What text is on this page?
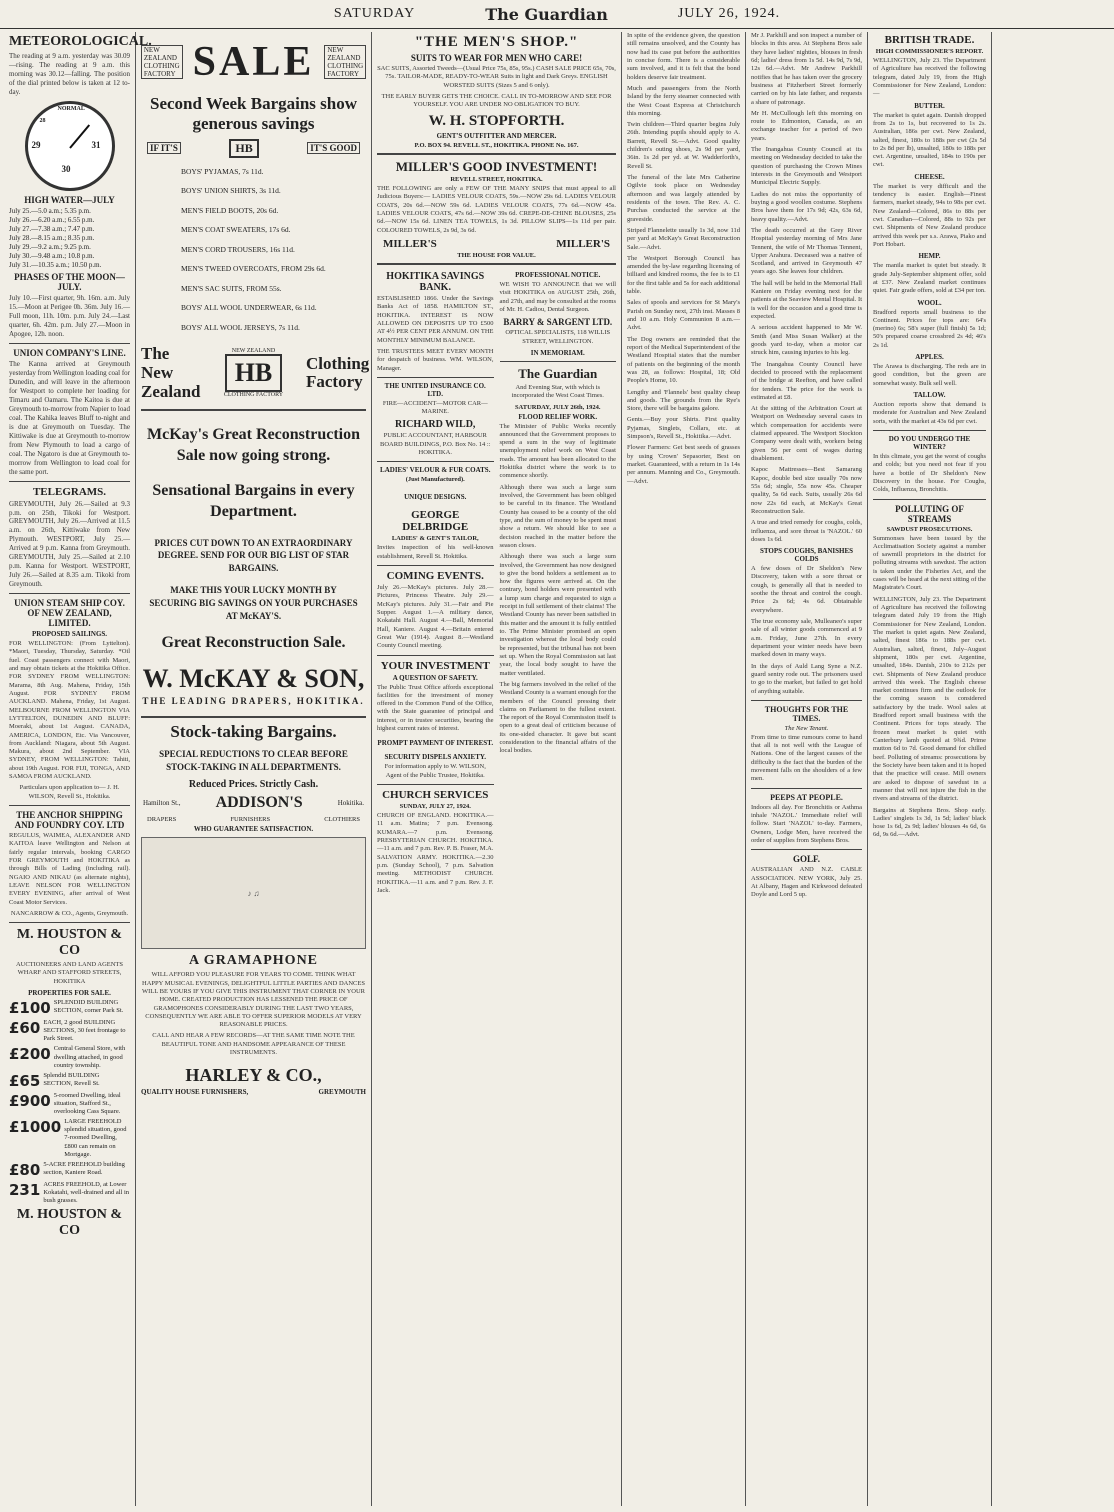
SATURDAY	The Guardian	JULY 26, 1924.
METEOROLOGICAL.
The reading at 9 a.m. yesterday was 30.09—rising. The reading at 9 a.m. this morning was 30.12—falling. The position of the dial printed below is taken at 12 to-day.
NORMAL
29
30
31
28
HIGH WATER—JULY
July 25.—5.0 a.m.; 5.35 p.m.
July 26.—6.20 a.m.; 6.55 p.m.
July 27.—7.38 a.m.; 7.47 p.m.
July 28.—8.15 a.m.; 8.35 p.m.
July 29.—9.2 a.m.; 9.25 p.m.
July 30.—9.48 a.m.; 10.8 p.m.
July 31.—10.35 a.m.; 10.50 p.m.
PHASES OF THE MOON—JULY.
July 10.—First quarter, 9h. 16m. a.m. July 15.—Moon at Perigee 0h. 36m. July 16.—Full moon, 11h. 10m. p.m. July 24.—Last quarter, 6h. 42m. p.m. July 27.—Moon in Apogee, 12h. noon.
UNION COMPANY'S LINE.
The Kanna arrived at Greymouth yesterday from Wellington loading coal for Dunedin, and will leave in the afternoon for Westport to complete her loading for Timaru and Oamaru. The Kaitoa is due at Greymouth to-morrow from Napier to load coal. The Kahika leaves Bluff to-night and is due at Greymouth on Tuesday. The Kittiwake is due at Greymouth to-morrow from New Plymouth to load a cargo of coal. The Ngatoro is due at Greymouth to-morrow from Wellington to load coal for the same port.
TELEGRAMS.
GREYMOUTH, July 26.—Sailed at 9.3 p.m. on 25th, Tikoki for Westport. GREYMOUTH, July 26.—Arrived at 11.5 a.m. on 26th, Kittiwake from New Plymouth. WESTPORT, July 25.—Arrived at 9 p.m. Kanna from Greymouth. GREYMOUTH, July 25.—Sailed at 2.10 p.m. Kanna for Westport. WESTPORT, July 26.—Sailed at 8.35 a.m. Tikoki from Greymouth.
UNION STEAM SHIP COY. OF NEW ZEALAND, LIMITED.
PROPOSED SAILINGS.
FOR WELLINGTON: (From Lyttelton). *Maori, Tuesday, Thursday, Saturday. *Oil fuel. Coast passengers connect with Maori, and may obtain tickets at the Hokitika Office. FOR SYDNEY FROM WELLINGTON: Marama, 8th Aug. Mahena, Friday, 15th August. FOR SYDNEY FROM AUCKLAND. Mahena, Friday, 1st August. MELBOURNE FROM WELLINGTON VIA LYTTELTON, DUNEDIN AND BLUFF: Moeraki, about 1st August. CANADA, AMERICA, LONDON, Etc. Via Vancouver, from Auckland: Niagara, about 5th August. Makura, about 2nd September. VIA SYDNEY, FROM WELLINGTON: Tahiti, about 19th August. FOR FIJI, TONGA, AND SAMOA FROM AUCKLAND.
Particulars upon application to— J. H. WILSON, Revell St., Hokitika.
THE ANCHOR SHIPPING AND FOUNDRY COY. LTD
REGULUS, WAIMEA, ALEXANDER AND KAITOA leave Wellington and Nelson at fairly regular intervals, booking CARGO FOR GREYMOUTH and HOKITIKA as through Bills of Lading (including rail). NGAIO AND NIKAU (as alternate nights), LEAVE NELSON FOR WELLINGTON EVERY EVENING, after arrival of West Coast Motor Services.
NANCARROW & CO., Agents, Greymouth.
M. HOUSTON & CO
AUCTIONEERS AND LAND AGENTS WHARF AND STAFFORD STREETS, HOKITIKA
PROPERTIES FOR SALE.
£100 SPLENDID BUILDING SECTION, corner Park St.
£60 EACH, 2 good BUILDING SECTIONS, 30 feet frontage to Park Street.
£200 Central General Store, with dwelling attached, in good country township.
£65 Splendid BUILDING SECTION, Revell St.
£900 5-roomed Dwelling, ideal situation, Stafford St., overlooking Cass Square.
£1000 LARGE FREEHOLD splendid situation, good 7-roomed Dwelling, £800 can remain on Mortgage.
£80 5-ACRE FREEHOLD building section, Kaniere Road.
231 ACRES FREEHOLD, at Lower Kokatahi, well-drained and all in bush grasses.
M. HOUSTON & CO
NEW ZEALAND CLOTHING FACTORY SALE	NEW ZEALAND CLOTHING FACTORY
Second Week Bargains show generous savings
IF IT'S	HB	IT'S GOOD
BOYS' PYJAMAS, 7s 11d.
BOYS' UNION SHIRTS, 3s 11d.
MEN'S FIELD BOOTS, 20s 6d.
MEN'S COAT SWEATERS, 17s 6d.
MEN'S CORD TROUSERS, 16s 11d.
MEN'S TWEED OVERCOATS, FROM 29s 6d.
MEN'S SAC SUITS, FROM 55s.
BOYS' ALL WOOL UNDERWEAR, 6s 11d.
BOYS' ALL WOOL JERSEYS, 7s 11d.
The New Zealand
NEW ZEALAND
HB
CLOTHING FACTORY
Clothing Factory
McKay's Great Reconstruction Sale now going strong.
Sensational Bargains in every Department.
PRICES CUT DOWN TO AN EXTRAORDINARY DEGREE. SEND FOR OUR BIG LIST OF STAR BARGAINS.
MAKE THIS YOUR LUCKY MONTH BY SECURING BIG SAVINGS ON YOUR PURCHASES AT McKAY'S.
Great Reconstruction Sale.
W. McKAY & SON,
THE LEADING DRAPERS, HOKITIKA.
Stock-taking Bargains.
SPECIAL REDUCTIONS TO CLEAR BEFORE STOCK-TAKING IN ALL DEPARTMENTS.
Reduced Prices. Strictly Cash.
Hamilton St., ADDISON'S	Hokitika.
DRAPERS	FURNISHERS	CLOTHIERS
WHO GUARANTEE SATISFACTION.
♪ ♫
A GRAMAPHONE
WILL AFFORD YOU PLEASURE FOR YEARS TO COME. THINK WHAT HAPPY MUSICAL EVENINGS, DELIGHTFUL LITTLE PARTIES AND DANCES WILL BE YOURS IF YOU GIVE THIS INSTRUMENT THAT CORNER IN YOUR HOME. CREATED PRODUCTION HAS LESSENED THE PRICE OF GRAMOPHONES CONSIDERABLY DURING THE LAST TWO YEARS, CONSEQUENTLY WE ARE ABLE TO OFFER SUPERIOR MODELS AT VERY REASONABLE PRICES.
CALL AND HEAR A FEW RECORDS—AT THE SAME TIME NOTE THE BEAUTIFUL TONE AND HANDSOME APPEARANCE OF THESE INSTRUMENTS.
HARLEY & CO.,
QUALITY HOUSE FURNISHERS,	GREYMOUTH
"THE MEN'S SHOP."
SUITS TO WEAR FOR MEN WHO CARE!
SAC SUITS, Assorted Tweeds—(Usual Price 75s, 85s, 95s.) CASH SALE PRICE 65s, 70s, 75s. TAILOR-MADE, READY-TO-WEAR Suits in light and Dark Greys. ENGLISH WORSTED SUITS (Sizes 5 and 6 only).
THE EARLY BUYER GETS THE CHOICE. CALL IN TO-MORROW AND SEE FOR YOURSELF. YOU ARE UNDER NO OBLIGATION TO BUY.
W. H. STOPFORTH.
GENT'S OUTFITTER AND MERCER.
P.O. BOX 94. REVELL ST., HOKITIKA. PHONE No. 167.
MILLER'S GOOD INVESTMENT!
REVELL STREET, HOKITIKA.
THE FOLLOWING are only a FEW OF THE MANY SNIPS that must appeal to all Judicious Buyers:— LADIES VELOUR COATS, 59s.—NOW 29s 6d. LADIES VELOUR COATS, 20s 6d.—NOW 59s 6d. LADIES VELOUR COATS, 77s 6d.—NOW 45s. LADIES VELOUR COATS, 47s 6d.—NOW 39s 6d. CREPE-DE-CHINE BLOUSES, 25s 6d.—NOW 15s 6d. LINEN TEA TOWELS, 1s 3d. PILLOW SLIPS—1s 11d per pair. COLOURED TOWELS, 2s 9d, 3s 6d.
MILLER'S	MILLER'S
THE HOUSE FOR VALUE.
HOKITIKA SAVINGS BANK.
ESTABLISHED 1866. Under the Savings Banks Act of 1858. HAMILTON ST., HOKITIKA. INTEREST IS NOW ALLOWED ON DEPOSITS UP TO £500 AT 4½ PER CENT PER ANNUM. ON THE MONTHLY MINIMUM BALANCE.
THE TRUSTEES MEET EVERY MONTH for despatch of business. WM. WILSON, Manager.
THE UNITED INSURANCE CO. LTD.
FIRE—ACCIDENT—MOTOR CAR—MARINE.
RICHARD WILD,
PUBLIC ACCOUNTANT, HARBOUR BOARD BUILDINGS, P.O. Box No. 14 :: HOKITIKA.
LADIES' VELOUR & FUR COATS.
(Just Manufactured).
UNIQUE DESIGNS.
GEORGE DELBRIDGE
LADIES' & GENT'S TAILOR,
Invites inspection of his well-known establishment, Revell St. Hokitika.
COMING EVENTS.
July 26.—McKay's pictures. July 28.—Pictures, Princess Theatre. July 29.—McKay's pictures. July 31.—Fair and Pie Supper. August 1.—A military dance, Kokatahi Hall. August 4.—Ball, Memorial Hall, Kaniere. August 4.—Britain entered Great War (1914). August 8.—Westland County Council meeting.
YOUR INVESTMENT
A QUESTION OF SAFETY.
The Public Trust Office affords exceptional facilities for the investment of money offered in the Common Fund of the Office, with the State guarantee of principal and interest, or in trustee securities, bearing the highest current rates of interest.
PROMPT PAYMENT OF INTEREST.
SECURITY DISPELS ANXIETY.
For information apply to W. WILSON, Agent of the Public Trustee, Hokitika.
CHURCH SERVICES
SUNDAY, JULY 27, 1924.
CHURCH OF ENGLAND. HOKITIKA.—11 a.m. Matins; 7 p.m. Evensong. KUMARA.—7 p.m. Evensong. PRESBYTERIAN CHURCH. HOKITIKA.—11 a.m. and 7 p.m. Rev. P. B. Fraser, M.A. SALVATION ARMY. HOKITIKA.—2.30 p.m. (Sunday School), 7 p.m. Salvation meeting. METHODIST CHURCH. HOKITIKA.—11 a.m. and 7 p.m. Rev. J. F. Jack.
PROFESSIONAL NOTICE.
WE WISH TO ANNOUNCE that we will visit HOKITIKA on AUGUST 25th, 26th, and 27th, and may be consulted at the rooms of Mr. H. Cadiou, Dental Surgeon.
BARRY & SARGENT LTD.
OPTICAL SPECIALISTS, 118 WILLIS STREET, WELLINGTON.
IN MEMORIAM.
The Guardian
And Evening Star, with which is incorporated the West Coast Times.
SATURDAY, JULY 26th, 1924.
FLOOD RELIEF WORK.
The Minister of Public Works recently announced that the Government proposes to spend a sum in the way of legitimate unemployment relief work on West Coast roads. The amount has been allocated to the Hokitika district where the work is to commence shortly.
Although there was such a large sum involved, the Government has been obliged to be careful in its finance. The Westland County has ceased to be a county of the old type, and the sum of money to be spent must show a return. We should like to see a decision reached in the matter before the season closes.
Although there was such a large sum involved, the Government has now designed to give the bond holders a settlement as to how the figures were arrived at. On the contrary, bond holders were presented with a lump sum charge and requested to sign a receipt in full settlement of their claims! The Westland County has never been satisfied in this matter and the amount it is fully entitled to. The Prime Minister promised an open investigation whereat the local body could be represented, but the tribunal has not been set up. When the Royal Commission sat last year, the local body sought to have the matter ventilated.
The big farmers involved in the relief of the Westland County is a warrant enough for the members of the Council pressing their claims on Parliament to the fullest extent. The report of the Royal Commission itself is open to a great deal of criticism because of its one-sided character. It gave but scant consideration to the financial affairs of the local bodies.
In spite of the evidence given, the question still remains unsolved, and the County has now had its case put before the authorities in concise form. There is a considerable sum involved, and it is felt that the bond holders deserve fair treatment.
Much and passengers from the North Island by the ferry steamer connected with the West Coast Express at Christchurch this morning.
Twin children—Third quarter begins July 26th. Intending pupils should apply to A. Barrett, Revell St.—Advt. Good quality children's outing shoes, 2s 9d per yard, 36in. 1s 2d per yd. at W. Wadderforth's, Revell St.
The funeral of the late Mrs Catherine Ogilvie took place on Wednesday afternoon and was largely attended by residents of the town. The Rev. A. C. Purchas conducted the service at the graveside.
Striped Flannelette usually 1s 3d, now 11d per yard at McKay's Great Reconstruction Sale.—Advt.
The Westport Borough Council has amended the by-law regarding licensing of billiard and kindred rooms, the fee is to £1 for the first table and 5s for each additional table.
Sales of spools and services for St Mary's Parish on Sunday next, 27th inst. Masses 8 and 10 a.m. Holy Communion 8 a.m.—Advt.
The Dog owners are reminded that the report of the Medical Superintendent of the Westland Hospital states that the number of patients on the beginning of the month was 28, as follows: Hospital, 18; Old People's Home, 10.
Lengthy and 'Flannels' best quality cheap and goods. The grounds from the Rye's Store, there will be bargains galore.
Gents.—Buy your Shirts. First quality Pyjamas, Singlets, Collars, etc. at Simpson's, Revell St., Hokitika.—Advt.
Flower Farmers: Get best seeds of grasses by using 'Crown' Sepasorter, Best on market. Guaranteed, with a return in 1s 14s per annum. Manning and Co., Greymouth.—Advt.
Mr J. Parkhill and son inspect a number of blocks in this area. At Stephens Bros sale they have ladies' nighties, blouses in fresh 6d; ladies' dress from 1s 5d. 14s 9d, 7s 9d, 12s 6d.—Advt. Mr Andrew Parkhill notifies that he has taken over the grocery business at Fitzherbert Street formerly carried on by his late father, and requests a share of patronage.
Mr H. McCullough left this morning on route to Edmonton, Canada, as an exchange teacher for a period of two years.
The Inangahua County Council at its meeting on Wednesday decided to take the question of purchasing the Crown Mines interests in the Greymouth and Westport Municipal Electric Supply.
Ladies do not miss the opportunity of buying a good woollen costume. Stephens Bros have them for 17s 9d; 42s, 63s 6d, heavy quality.—Advt.
The death occurred at the Grey River Hospital yesterday morning of Mrs Jane Tennent, the wife of Mr Thomas Tennent, Upper Arahura. Deceased was a native of Scotland, and arrived in Greymouth 47 years ago. She leaves four children.
The hall will be held in the Memorial Hall Kaniere on Friday evening next for the patients at the Seaview Mental Hospital. It is well for the occasion and a good time is expected.
A serious accident happened to Mr W. Smith (and Miss Susan Walker) at the goods yard to-day, when a motor car struck him, causing injuries to his leg.
The Inangahua County Council have decided to proceed with the replacement of the bridge at Reefton, and have called for tenders. The price for the work is estimated at £8.
At the sitting of the Arbitration Court at Westport on Wednesday several cases in which compensation for accidents were claimed appeared. The Westport Stockton Company were dealt with, workers being given 56 per cent of wages during disablement.
Kapoc Mattresses—Best Samarang Kapoc, double bed size usually 70s now 55s 6d; single, 55s now 45s. Cheaper quality, 5s 6d each. Suits, usually 26s 6d now 22s 6d each, at McKay's Great Reconstruction Sale.
A true and tried remedy for coughs, colds, influenza, and sore throat is 'NAZOL.' 60 doses 1s 6d.
STOPS COUGHS, BANISHES COLDS
A few doses of Dr Sheldon's New Discovery, taken with a sore throat or cough, is generally all that is needed to soothe the throat and control the cough. Price 2s 6d; 4s 6d. Obtainable everywhere.
The true economy sale, Mulleaneo's super sale of all winter goods commenced at 9 a.m. Friday, June 27th. In every department your winter needs have been marked down in many ways.
In the days of Auld Lang Syne a N.Z. guard sentry rode out. The prisoners used to go to the market, but failed to get hold of anything suitable.
THOUGHTS FOR THE TIMES.
The New Tenant.
From time to time rumours come to hand that all is not well with the League of Nations. One of the largest causes of the difficulty is the fact that the burden of the movement falls on the shoulders of a few men.
PEEPS AT PEOPLE.
Indoors all day. For Bronchitis or Asthma inhale 'NAZOL.' Immediate relief will follow. Start 'NAZOL' to-day. Farmers, Owners, Lodge Men, have received the order of supplies from Stephens Bros.
GOLF.
AUSTRALIAN AND N.Z. CABLE ASSOCIATION. NEW YORK, July 25. At Albany, Hagen and Kirkwood defeated Doyle and Lord 5 up.
BRITISH TRADE.
HIGH COMMISSIONER'S REPORT.
WELLINGTON, July 23. The Department of Agriculture has received the following telegram, dated July 19, from the High Commissioner for New Zealand, London:—
BUTTER.
The market is quiet again. Danish dropped from 2s to 1s, but recovered to 1s 2s. Australian, 186s per cwt. New Zealand, salted, finest, 180s to 188s per cwt (2s 5d to 2s 8d per lb), unsalted, 180s to 188s per cwt. Argentine, unsalted, 184s to 190s per cwt.
CHEESE.
The market is very difficult and the tendency is easier. English—Finest farmers, market steady, 94s to 98s per cwt. New Zealand—Colored, 86s to 88s per cwt. Canadian—Colored, 88s to 92s per cwt. Shipments of New Zealand produce arrived this week per s.s. Arawa, Piako and Port Hobart.
HEMP.
The manila market is quiet but steady. It grade July-September shipment offer, sold at £37. New Zealand market continues quiet. Fair grade offers, sold at £34 per ton.
WOOL.
Bradford reports small business to the Continent. Prices for tops are: 64's (merino) 6s; 58's super (full finish) 5s 1d; 50's prepared coarse crossbred 2s 4d; 46's 2s 1d.
APPLES.
The Arawa is discharging. The reds are in good condition, but the green are somewhat wasty. Bulk sell well.
TALLOW.
Auction reports show that demand is moderate for Australian and New Zealand sorts, with the market at 43s 6d per cwt.
DO YOU UNDERGO THE WINTER?
In this climate, you get the worst of coughs and colds; but you need not fear if you have a bottle of Dr Sheldon's New Discovery in the house. For Coughs, Colds, Influenza, Bronchitis.
POLLUTING OF STREAMS
SAWDUST PROSECUTIONS.
Summonses have been issued by the Acclimatisation Society against a number of sawmill proprietors in the district for polluting streams with sawdust. The action is taken under the Fisheries Act, and the cases will be heard at the next sitting of the Magistrate's Court.
WELLINGTON, July 23. The Department of Agriculture has received the following telegram dated July 19 from the High Commissioner for New Zealand, London. The market is quiet again. New Zealand, salted, finest 186s to 188s per cwt. Australian, salted, finest, July–August shipment, 180s per cwt. Argentine, unsalted, 184s. Danish, 210s to 212s per cwt. Shipments of New Zealand produce arrived this week. The English cheese market continues firm and the outlook for the coming season is considered satisfactory by the trade. Wool sales at Bradford report small business with the Continent. Prices for tops steady. The frozen meat market is quiet with Canterbury lamb quoted at 9¾d. Prime mutton 6d to 7d. Good demand for chilled beef. Polluting of streams: prosecutions by the Society have been taken and it is hoped that the practice will cease. Mill owners are asked to dispose of sawdust in a manner that will not injure the fish in the rivers and streams of the district.
Bargains at Stephens Bros. Shop early. Ladies' singlets 1s 3d, 1s 5d; ladies' black hose 1s 6d, 2s 9d; ladies' blouses 4s 6d, 6s 6d, 9s 6d.—Advt.
